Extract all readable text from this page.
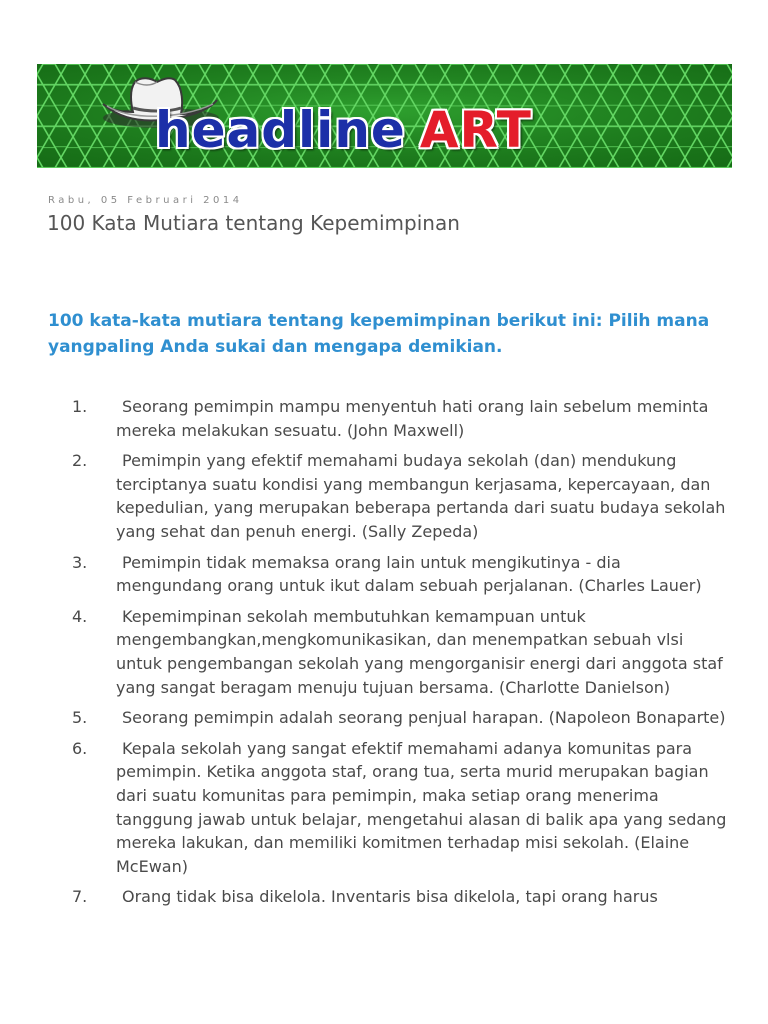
headline ART
Rabu, 05 Februari 2014
100 Kata Mutiara tentang Kepemimpinan

100 kata-kata mutiara tentang kepemimpinan berikut ini: Pilih mana yangpaling Anda sukai dan mengapa demikian.

1.	Seorang pemimpin mampu menyentuh hati orang lain sebelum meminta mereka melakukan sesuatu. (John Maxwell)
2.	Pemimpin yang efektif memahami budaya sekolah (dan) mendukung terciptanya suatu kondisi yang membangun kerjasama, kepercayaan, dan kepedulian, yang merupakan beberapa pertanda dari suatu budaya sekolah yang sehat dan penuh energi. (Sally Zepeda)
3.	Pemimpin tidak memaksa orang lain untuk mengikutinya - dia mengundang orang untuk ikut dalam sebuah perjalanan. (Charles Lauer)
4.	Kepemimpinan sekolah membutuhkan kemampuan untuk mengembangkan,mengkomunikasikan, dan menempatkan sebuah vlsi untuk pengembangan sekolah yang mengorganisir energi dari anggota staf yang sangat beragam menuju tujuan bersama. (Charlotte Danielson)
5.	Seorang pemimpin adalah seorang penjual harapan. (Napoleon Bonaparte)
6.	Kepala sekolah yang sangat efektif memahami adanya komunitas para pemimpin. Ketika anggota staf, orang tua, serta murid merupakan bagian dari suatu komunitas para pemimpin, maka setiap orang menerima tanggung jawab untuk belajar, mengetahui alasan di balik apa yang sedang mereka lakukan, dan memiliki komitmen terhadap misi sekolah. (Elaine McEwan)
7.	Orang tidak bisa dikelola. Inventaris bisa dikelola, tapi orang harus
